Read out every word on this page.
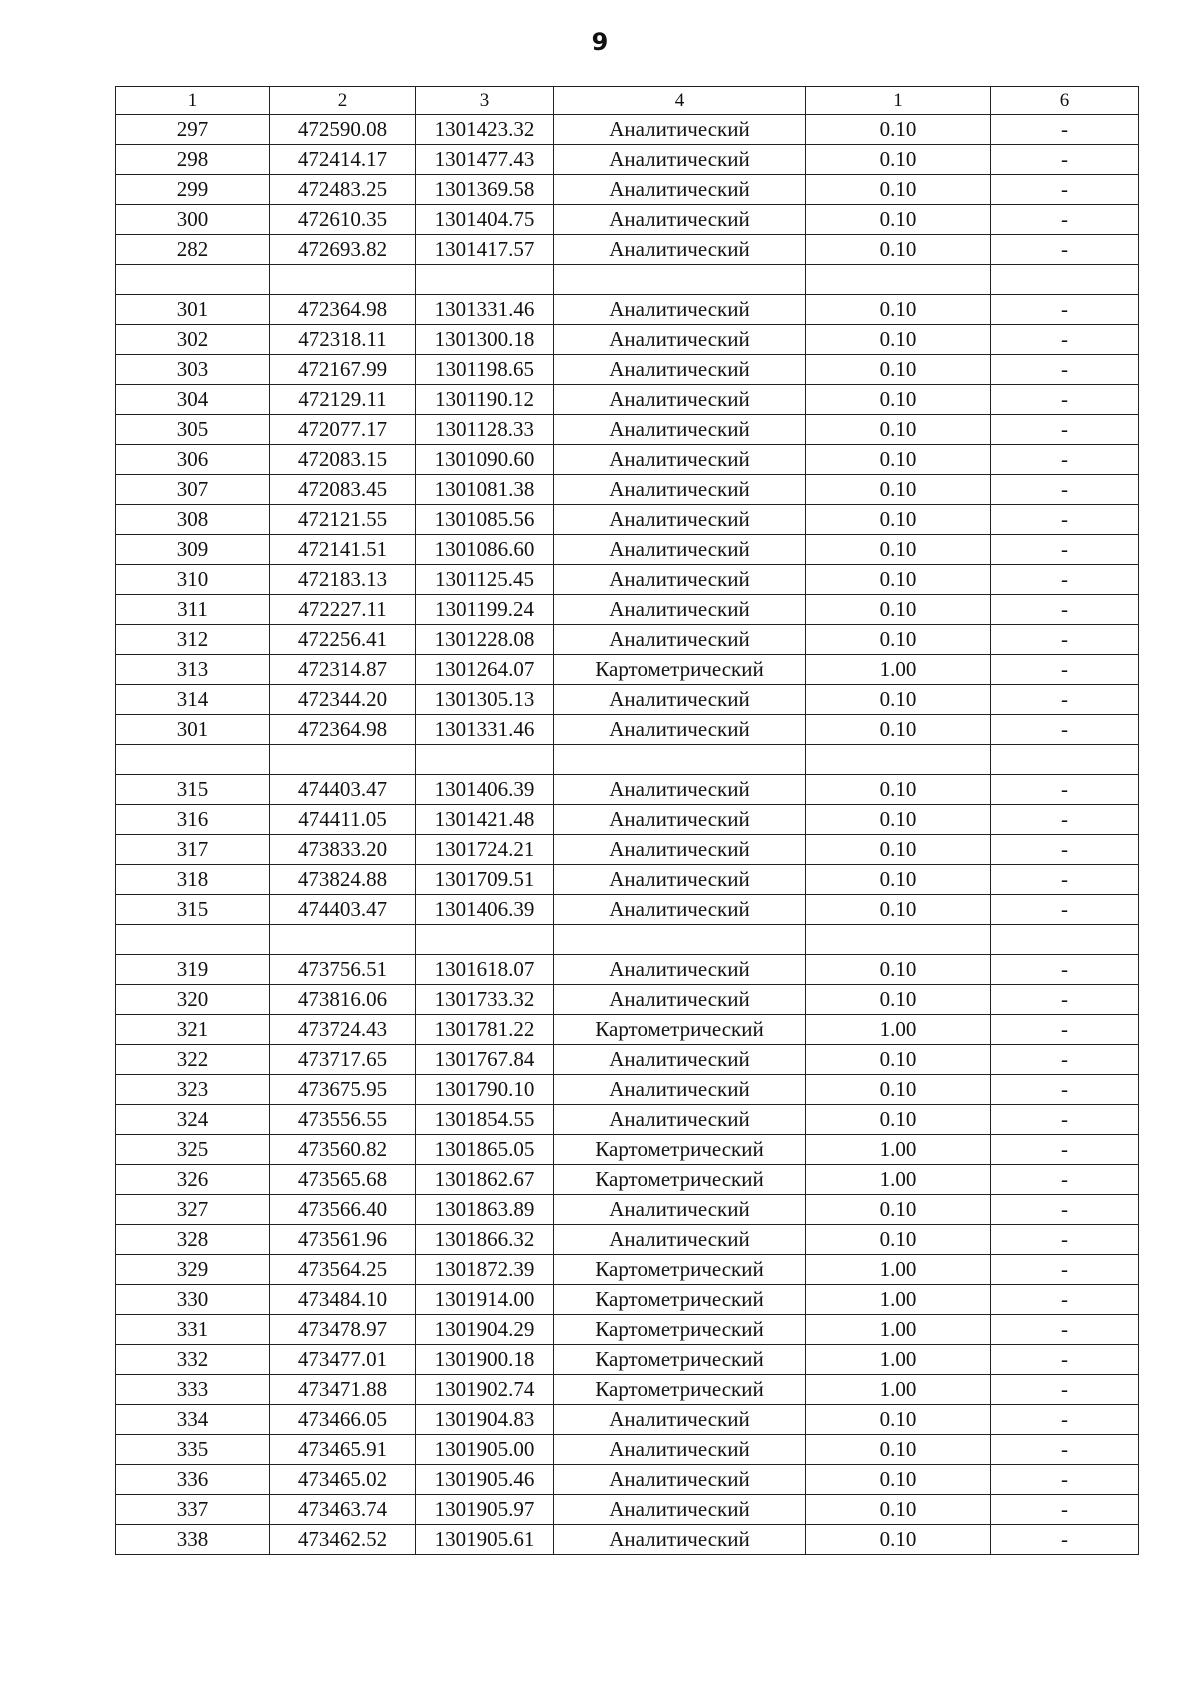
9
1	2	3	4	1	6
297	472590.08	1301423.32	Аналитический	0.10	-
298	472414.17	1301477.43	Аналитический	0.10	-
299	472483.25	1301369.58	Аналитический	0.10	-
300	472610.35	1301404.75	Аналитический	0.10	-
282	472693.82	1301417.57	Аналитический	0.10	-

301	472364.98	1301331.46	Аналитический	0.10	-
302	472318.11	1301300.18	Аналитический	0.10	-
303	472167.99	1301198.65	Аналитический	0.10	-
304	472129.11	1301190.12	Аналитический	0.10	-
305	472077.17	1301128.33	Аналитический	0.10	-
306	472083.15	1301090.60	Аналитический	0.10	-
307	472083.45	1301081.38	Аналитический	0.10	-
308	472121.55	1301085.56	Аналитический	0.10	-
309	472141.51	1301086.60	Аналитический	0.10	-
310	472183.13	1301125.45	Аналитический	0.10	-
311	472227.11	1301199.24	Аналитический	0.10	-
312	472256.41	1301228.08	Аналитический	0.10	-
313	472314.87	1301264.07	Картометрический	1.00	-
314	472344.20	1301305.13	Аналитический	0.10	-
301	472364.98	1301331.46	Аналитический	0.10	-

315	474403.47	1301406.39	Аналитический	0.10	-
316	474411.05	1301421.48	Аналитический	0.10	-
317	473833.20	1301724.21	Аналитический	0.10	-
318	473824.88	1301709.51	Аналитический	0.10	-
315	474403.47	1301406.39	Аналитический	0.10	-

319	473756.51	1301618.07	Аналитический	0.10	-
320	473816.06	1301733.32	Аналитический	0.10	-
321	473724.43	1301781.22	Картометрический	1.00	-
322	473717.65	1301767.84	Аналитический	0.10	-
323	473675.95	1301790.10	Аналитический	0.10	-
324	473556.55	1301854.55	Аналитический	0.10	-
325	473560.82	1301865.05	Картометрический	1.00	-
326	473565.68	1301862.67	Картометрический	1.00	-
327	473566.40	1301863.89	Аналитический	0.10	-
328	473561.96	1301866.32	Аналитический	0.10	-
329	473564.25	1301872.39	Картометрический	1.00	-
330	473484.10	1301914.00	Картометрический	1.00	-
331	473478.97	1301904.29	Картометрический	1.00	-
332	473477.01	1301900.18	Картометрический	1.00	-
333	473471.88	1301902.74	Картометрический	1.00	-
334	473466.05	1301904.83	Аналитический	0.10	-
335	473465.91	1301905.00	Аналитический	0.10	-
336	473465.02	1301905.46	Аналитический	0.10	-
337	473463.74	1301905.97	Аналитический	0.10	-
338	473462.52	1301905.61	Аналитический	0.10	-
